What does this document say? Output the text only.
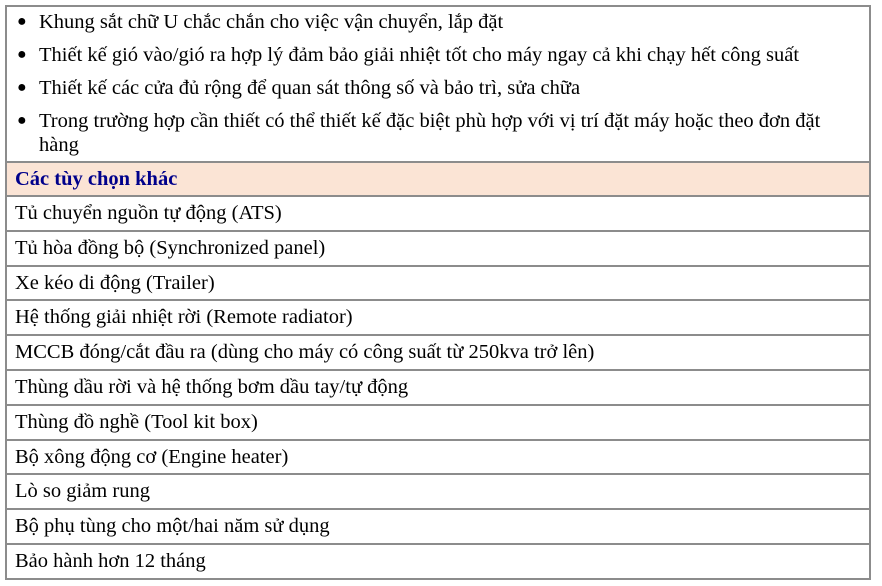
● Khung sắt chữ U chắc chắn cho việc vận chuyển, lắp đặt
● Thiết kế gió vào/gió ra hợp lý đảm bảo giải nhiệt tốt cho máy ngay cả khi chạy hết công suất
● Thiết kế các cửa đủ rộng để quan sát thông số và bảo trì, sửa chữa
● Trong trường hợp cần thiết có thể thiết kế đặc biệt phù hợp với vị trí đặt máy hoặc theo đơn đặt hàng
Các tùy chọn khác
Tủ chuyển nguồn tự động (ATS)
Tủ hòa đồng bộ (Synchronized panel)
Xe kéo di động (Trailer)
Hệ thống giải nhiệt rời (Remote radiator)
MCCB đóng/cắt đầu ra (dùng cho máy có công suất từ 250kva trở lên)
Thùng dầu rời và hệ thống bơm dầu tay/tự động
Thùng đồ nghề (Tool kit box)
Bộ xông động cơ (Engine heater)
Lò so giảm rung
Bộ phụ tùng cho một/hai năm sử dụng
Bảo hành hơn 12 tháng
